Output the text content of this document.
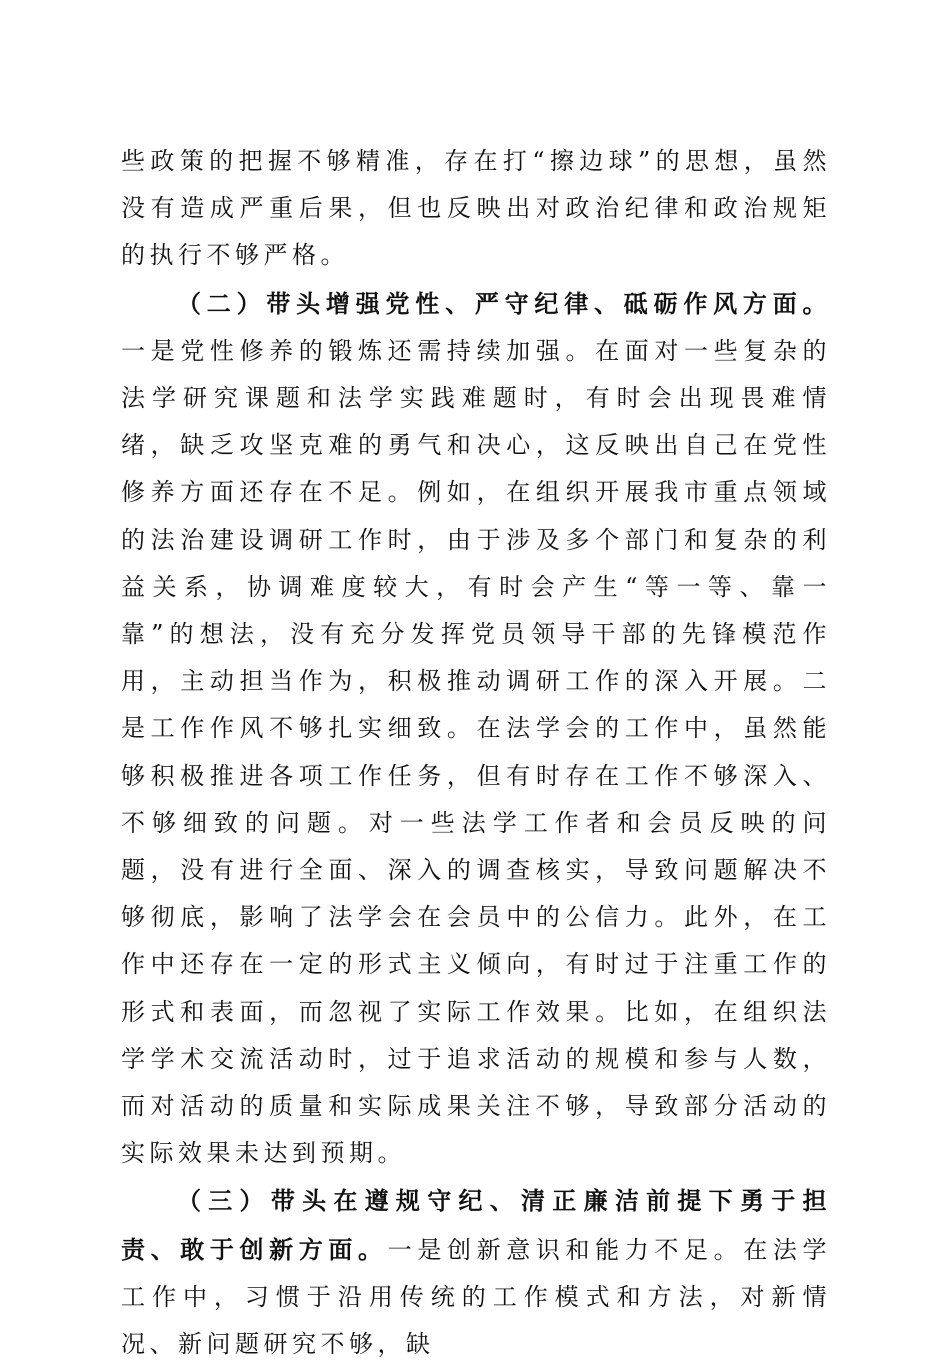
些政策的把握不够精准，存在打“擦边球”的思想，虽然没有造成严重后果，但也反映出对政治纪律和政治规矩的执行不够严格。

（二）带头增强党性、严守纪律、砥砺作风方面。一是党性修养的锻炼还需持续加强。在面对一些复杂的法学研究课题和法学实践难题时，有时会出现畏难情绪，缺乏攻坚克难的勇气和决心，这反映出自己在党性修养方面还存在不足。例如，在组织开展我市重点领域的法治建设调研工作时，由于涉及多个部门和复杂的利益关系，协调难度较大，有时会产生“等一等、靠一靠”的想法，没有充分发挥党员领导干部的先锋模范作用，主动担当作为，积极推动调研工作的深入开展。二是工作作风不够扎实细致。在法学会的工作中，虽然能够积极推进各项工作任务，但有时存在工作不够深入、不够细致的问题。对一些法学工作者和会员反映的问题，没有进行全面、深入的调查核实，导致问题解决不够彻底，影响了法学会在会员中的公信力。此外，在工作中还存在一定的形式主义倾向，有时过于注重工作的形式和表面，而忽视了实际工作效果。比如，在组织法学学术交流活动时，过于追求活动的规模和参与人数，而对活动的质量和实际成果关注不够，导致部分活动的实际效果未达到预期。

（三）带头在遵规守纪、清正廉洁前提下勇于担责、敢于创新方面。一是创新意识和能力不足。在法学工作中，习惯于沿用传统的工作模式和方法，对新情况、新问题研究不够，缺
